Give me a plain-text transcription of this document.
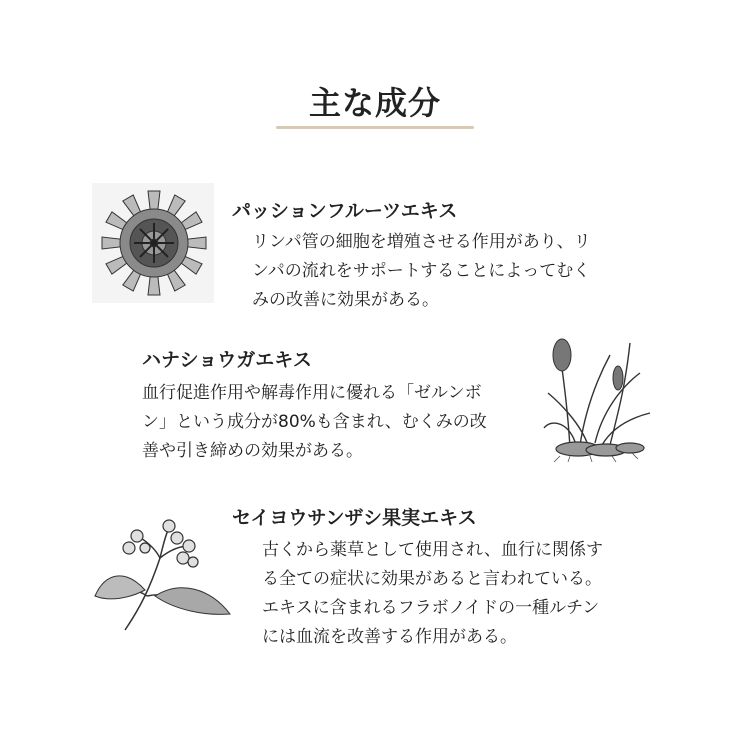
主な成分
パッションフルーツエキス
リンパ管の細胞を増殖させる作用があり、リ
ンパの流れをサポートすることによってむく
みの改善に効果がある。
ハナショウガエキス
血行促進作用や解毒作用に優れる「ゼルンボ
ン」という成分が80%も含まれ、むくみの改
善や引き締めの効果がある。
セイヨウサンザシ果実エキス
古くから薬草として使用され、血行に関係す
る全ての症状に効果があると言われている。
エキスに含まれるフラボノイドの一種ルチン
には血流を改善する作用がある。
